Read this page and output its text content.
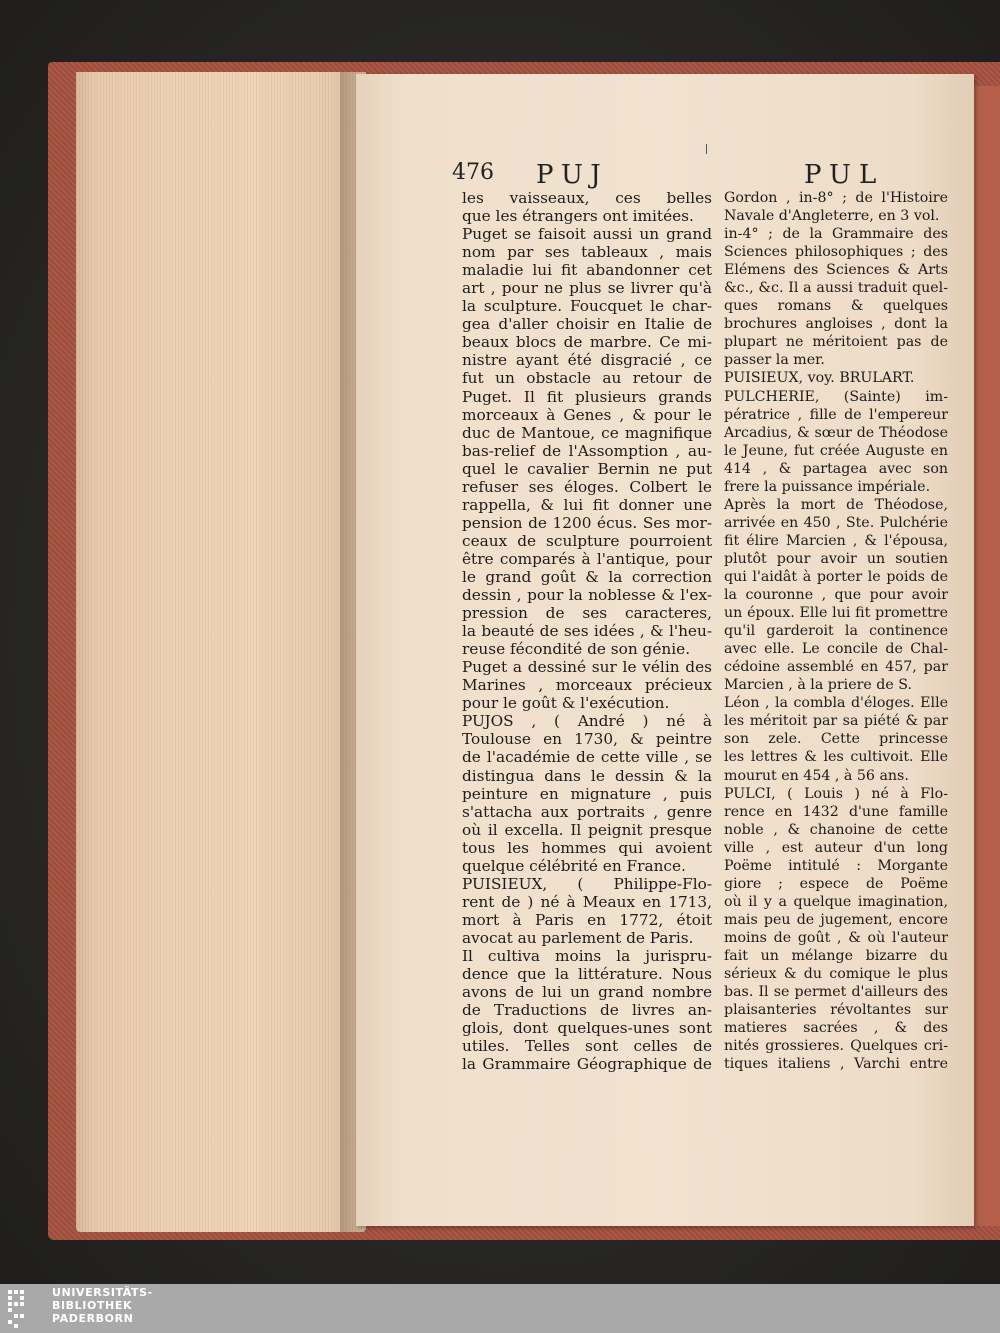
476 PUJ	PUL
les vaisseaux, ces belles
que les étrangers ont imitées.
Puget se faisoit aussi un grand
nom par ses tableaux , mais
maladie lui fit abandonner cet
art , pour ne plus se livrer qu'à
la sculpture. Foucquet le char-
gea d'aller choisir en Italie de
beaux blocs de marbre. Ce mi-
nistre ayant été disgracié , ce
fut un obstacle au retour de
Puget. Il fit plusieurs grands
morceaux à Genes , & pour le
duc de Mantoue, ce magnifique
bas-relief de l'Assomption , au-
quel le cavalier Bernin ne put
refuser ses éloges. Colbert le
rappella, & lui fit donner une
pension de 1200 écus. Ses mor-
ceaux de sculpture pourroient
être comparés à l'antique, pour
le grand goût & la correction
dessin , pour la noblesse & l'ex-
pression de ses caracteres,
la beauté de ses idées , & l'heu-
reuse fécondité de son génie.
Puget a dessiné sur le vélin des
Marines , morceaux précieux
pour le goût & l'exécution.
PUJOS , ( André ) né à
Toulouse en 1730, & peintre
de l'académie de cette ville , se
distingua dans le dessin & la
peinture en mignature , puis
s'attacha aux portraits , genre
où il excella. Il peignit presque
tous les hommes qui avoient
quelque célébrité en France.
PUISIEUX, ( Philippe-Flo-
rent de ) né à Meaux en 1713,
mort à Paris en 1772, étoit
avocat au parlement de Paris.
Il cultiva moins la jurispru-
dence que la littérature. Nous
avons de lui un grand nombre
de Traductions de livres an-
glois, dont quelques-unes sont
utiles. Telles sont celles de
la Grammaire Géographique de
Gordon , in-8° ; de l'Histoire
Navale d'Angleterre, en 3 vol.
in-4° ; de la Grammaire des
Sciences philosophiques ; des
Elémens des Sciences & Arts
&c., &c. Il a aussi traduit quel-
ques romans & quelques
brochures angloises , dont la
plupart ne méritoient pas de
passer la mer.
PUISIEUX, voy. BRULART.
PULCHERIE, (Sainte) im-
pératrice , fille de l'empereur
Arcadius, & sœur de Théodose
le Jeune, fut créée Auguste en
414 , & partagea avec son
frere la puissance impériale.
Après la mort de Théodose,
arrivée en 450 , Ste. Pulchérie
fit élire Marcien , & l'épousa,
plutôt pour avoir un soutien
qui l'aidât à porter le poids de
la couronne , que pour avoir
un époux. Elle lui fit promettre
qu'il garderoit la continence
avec elle. Le concile de Chal-
cédoine assemblé en 457, par
Marcien , à la priere de S.
Léon , la combla d'éloges. Elle
les méritoit par sa piété & par
son zele. Cette princesse
les lettres & les cultivoit. Elle
mourut en 454 , à 56 ans.
PULCI, ( Louis ) né à Flo-
rence en 1432 d'une famille
noble , & chanoine de cette
ville , est auteur d'un long
Poëme intitulé : Morgante
giore ; espece de Poëme
où il y a quelque imagination,
mais peu de jugement, encore
moins de goût , & où l'auteur
fait un mélange bizarre du
sérieux & du comique le plus
bas. Il se permet d'ailleurs des
plaisanteries révoltantes sur
matieres sacrées , & des
nités grossieres. Quelques cri-
tiques italiens , Varchi entre
UNIVERSITÄTS-
BIBLIOTHEK
PADERBORN
